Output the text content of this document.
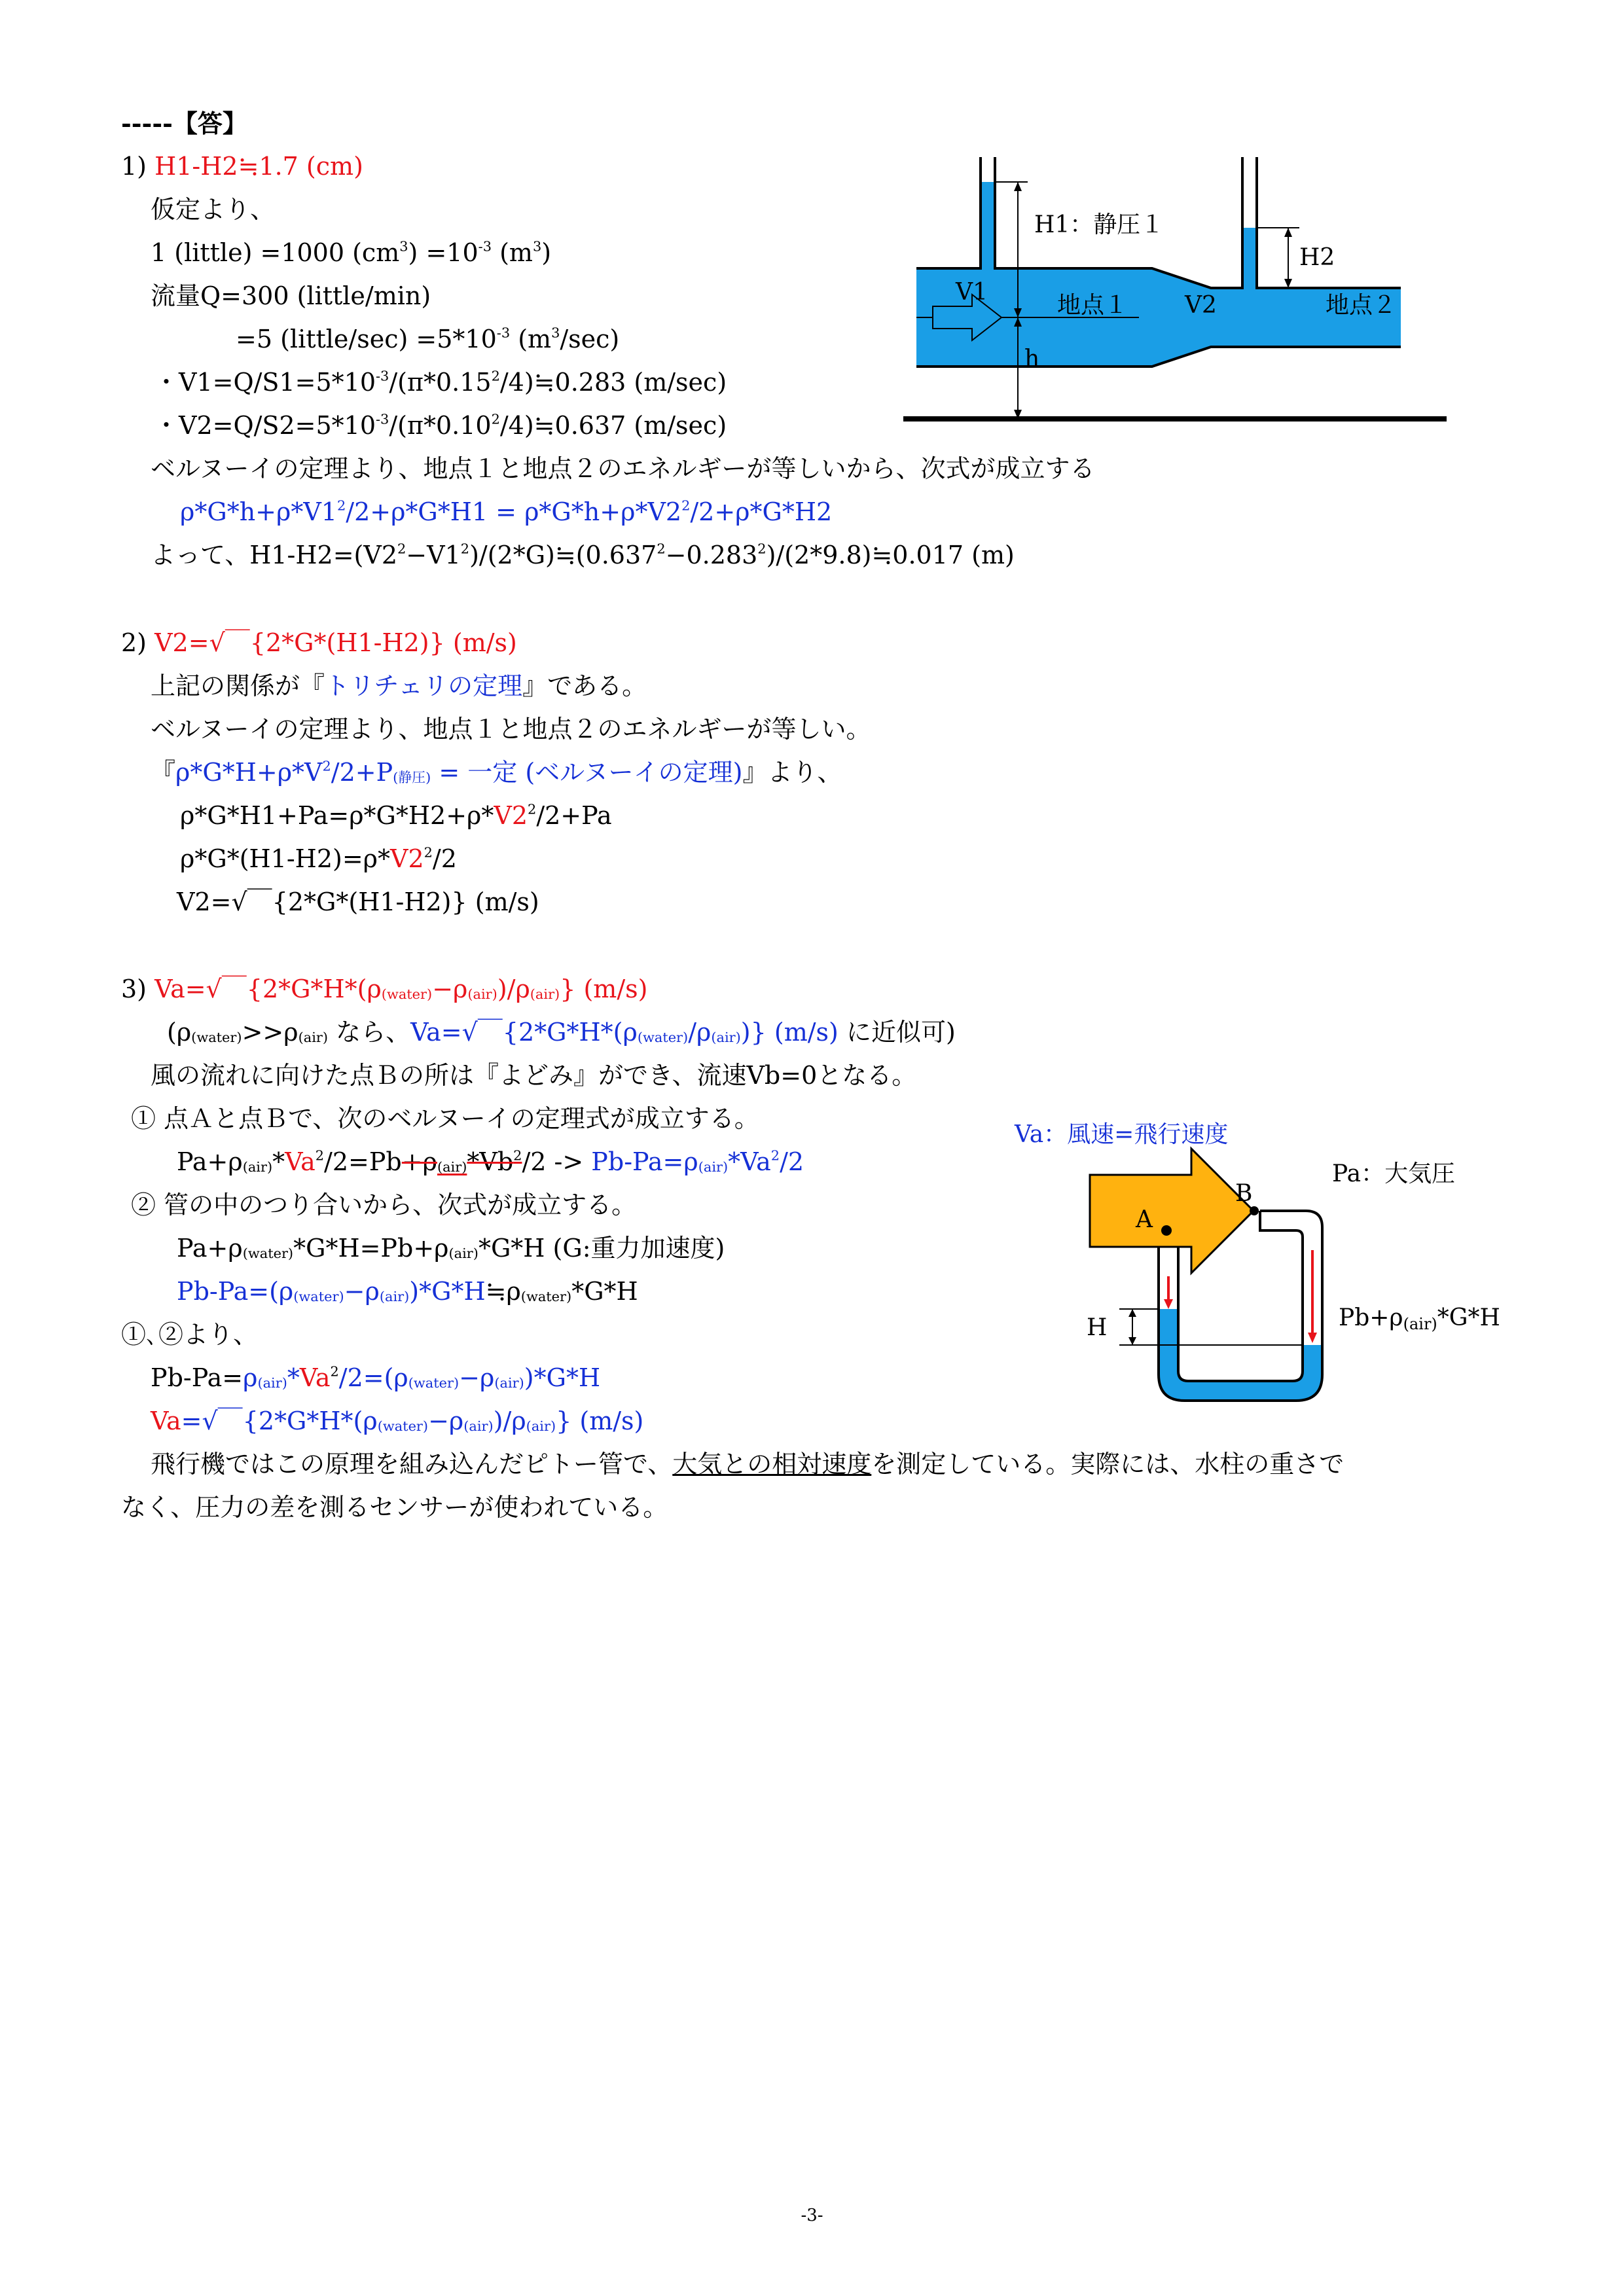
-----【答】
1) H1-H2≒1.7 (cm)
仮定より、
1 (little) =1000 $(cm^3) =10^{-3}$ $(m^3)$
流量Q=300 (little/min)
=5 (little/sec) $=5*10^{-3}$ $(m^3/\sec)$
・$V1=Q/S1=5*10^{-3}/(\pi*0.15^2/4)≒0.283$ (m/sec)
・$V2=Q/S2=5*10^{-3}/(\pi*0.10^2/4)≒0.637$ (m/sec)
ベルヌーイの定理より、地点１と地点２のエネルギーが等しいから、次式が成立する
$\rho*G*h+\rho*V1^2/2+\rho*G*H1 = \rho*G*h+\rho*V2^2/2+\rho*G*H2$
よって、$H1-H2=(V2^2-V1^2)/(2*G)≒(0.637^2-0.283^2)/(2*9.8)≒0.017$ (m)
H1：静圧１
H2
V1	地点１ V2	地点２
h
2) V2=√￣{2*G*(H1-H2)} (m/s)
上記の関係が『トリチェリの定理』である。
ベルヌーイの定理より、地点１と地点２のエネルギーが等しい。
『$\rho*G*H+\rho*V^2/2+P_{(静圧)}$ = 一定 (ベルヌーイの定理)』より、
$\rho*G*H1+Pa=\rho*G*H2+\rho*V2^2/2+Pa$
$\rho*G*(H1-H2)=\rho*V2^2/2$
V2=√￣{2*G*(H1-H2)} (m/s)
3) Va=√￣$\{2*G*H*(\rho_{(water)}-\rho_{(air)})/\rho_{(air)}\}$ (m/s)
($\rho_{(water)}>>\rho_{(air)}$ なら、Va=√￣$\{2*G*H*(\rho_{(water)}/\rho_{(air)})\}$ (m/s) に近似可)
風の流れに向けた点Ｂの所は『よどみ』ができ、流速Vb=0となる。
① 点Ａと点Ｂで、次のベルヌーイの定理式が成立する。
$Pa+\rho_{(air)}*Va^2/2=Pb+\rho_{(air)}*Vb^2/2 -> Pb-Pa=\rho_{(air)}*Va^2/2$
② 管の中のつり合いから、次式が成立する。
$Pa+\rho_{(water)}*G*H=Pb+\rho_{(air)}*G*H$ (G:重力加速度)
$Pb-Pa=(\rho_{(water)}-\rho_{(air)})*G*H≒\rho_{(water)}*G*H$
①､②より、
$Pb-Pa=\rho_{(air)}*Va^2/2=(\rho_{(water)}-\rho_{(air)})*G*H$
Va=√￣$\{2*G*H*(\rho_{(water)}-\rho_{(air)})/\rho_{(air)}\}$ (m/s)
飛行機ではこの原理を組み込んだピトー管で、大気との相対速度を測定している。実際には、水柱の重さで
なく、圧力の差を測るセンサーが使われている。
Va：風速=飛行速度
Pa：大気圧
A
B
H	Pb+ρ(air)*G*H
-3-
